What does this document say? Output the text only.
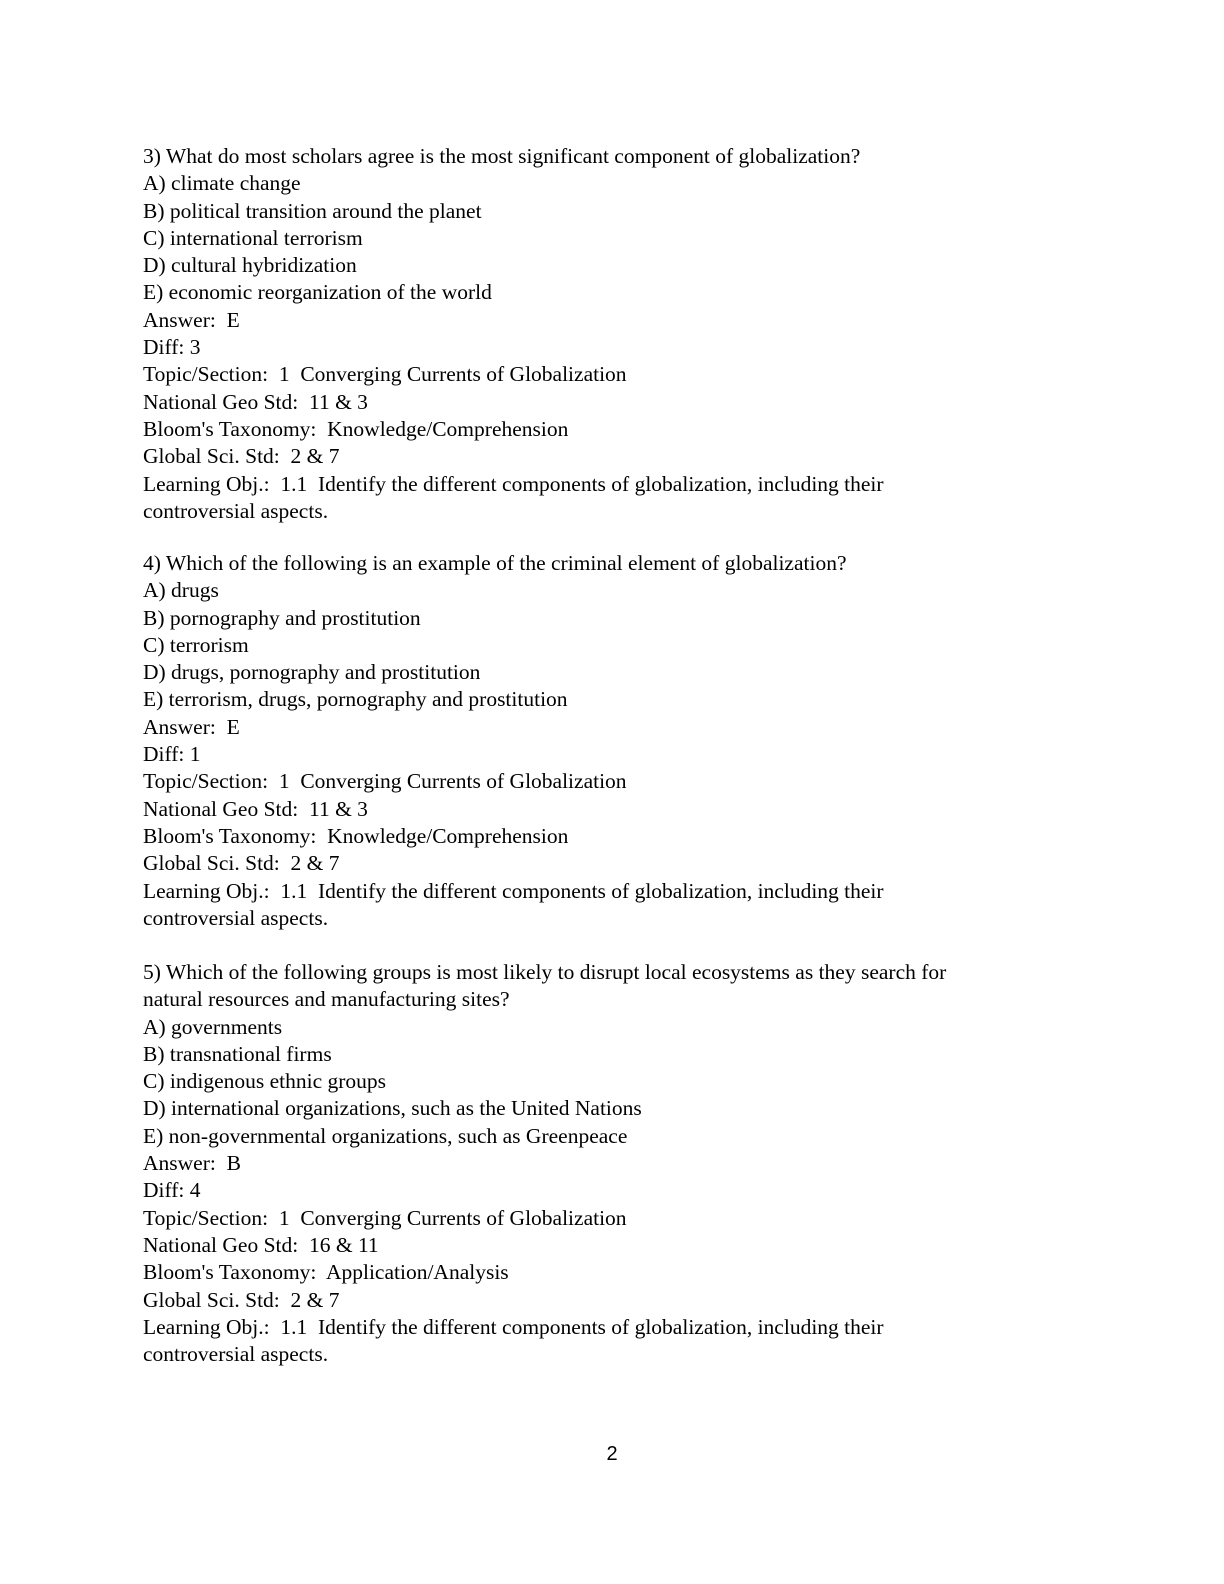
3) What do most scholars agree is the most significant component of globalization?
A) climate change
B) political transition around the planet
C) international terrorism
D) cultural hybridization
E) economic reorganization of the world
Answer:  E
Diff: 3
Topic/Section:  1  Converging Currents of Globalization
National Geo Std:  11 & 3
Bloom's Taxonomy:  Knowledge/Comprehension
Global Sci. Std:  2 & 7
Learning Obj.:  1.1  Identify the different components of globalization, including their
controversial aspects.
4) Which of the following is an example of the criminal element of globalization?
A) drugs
B) pornography and prostitution
C) terrorism
D) drugs, pornography and prostitution
E) terrorism, drugs, pornography and prostitution
Answer:  E
Diff: 1
Topic/Section:  1  Converging Currents of Globalization
National Geo Std:  11 & 3
Bloom's Taxonomy:  Knowledge/Comprehension
Global Sci. Std:  2 & 7
Learning Obj.:  1.1  Identify the different components of globalization, including their
controversial aspects.
5) Which of the following groups is most likely to disrupt local ecosystems as they search for
natural resources and manufacturing sites?
A) governments
B) transnational firms
C) indigenous ethnic groups
D) international organizations, such as the United Nations
E) non-governmental organizations, such as Greenpeace
Answer:  B
Diff: 4
Topic/Section:  1  Converging Currents of Globalization
National Geo Std:  16 & 11
Bloom's Taxonomy:  Application/Analysis
Global Sci. Std:  2 & 7
Learning Obj.:  1.1  Identify the different components of globalization, including their
controversial aspects.
2
